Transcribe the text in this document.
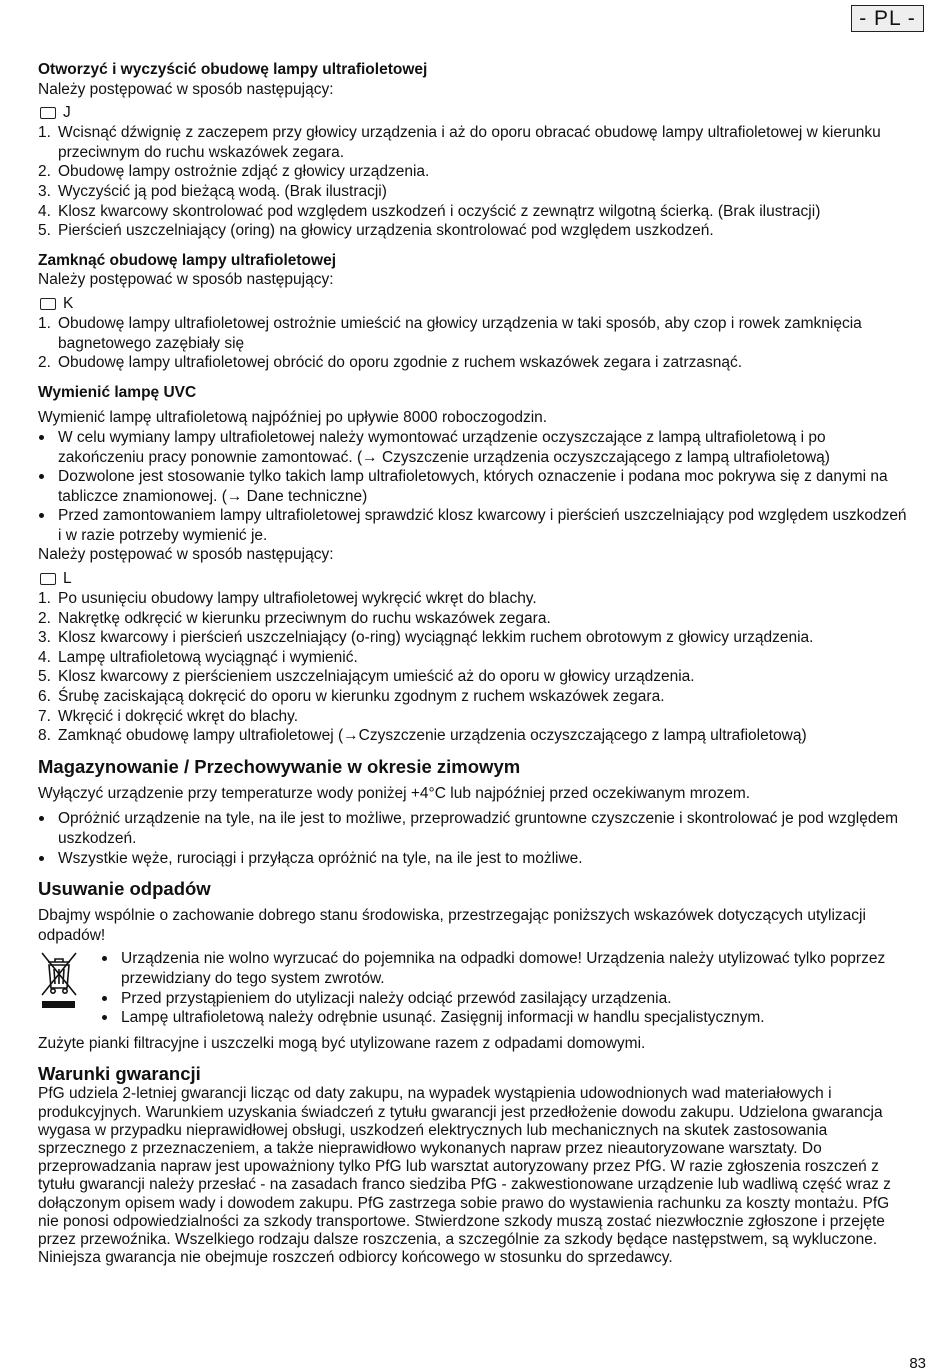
- PL -
Otworzyć i wyczyścić obudowę lampy ultrafioletowej

Należy postępować w sposób następujący:

J
1. Wcisnąć dźwignię z zaczepem przy głowicy urządzenia i aż do oporu obracać obudowę lampy ultrafioletowej w kierunku przeciwnym do ruchu wskazówek zegara.
2. Obudowę lampy ostrożnie zdjąć z głowicy urządzenia.
3. Wyczyścić ją pod bieżącą wodą. (Brak ilustracji)
4. Klosz kwarcowy skontrolować pod względem uszkodzeń i oczyścić z zewnątrz wilgotną ścierką. (Brak ilustracji)
5. Pierścień uszczelniający (oring) na głowicy urządzenia skontrolować pod względem uszkodzeń.
Zamknąć obudowę lampy ultrafioletowej

Należy postępować w sposób następujący:

K
1. Obudowę lampy ultrafioletowej ostrożnie umieścić na głowicy urządzenia w taki sposób, aby czop i rowek zamknięcia bagnetowego zazębiały się
2. Obudowę lampy ultrafioletowej obrócić do oporu zgodnie z ruchem wskazówek zegara i zatrzasnąć.
Wymienić lampę UVC

Wymienić lampę ultrafioletową najpóźniej po upływie 8000 roboczogodzin.

W celu wymiany lampy ultrafioletowej należy wymontować urządzenie oczyszczające z lampą ultrafioletową i po zakończeniu pracy ponownie zamontować. (→ Czyszczenie urządzenia oczyszczającego z lampą ultrafioletową)
Dozwolone jest stosowanie tylko takich lamp ultrafioletowych, których oznaczenie i podana moc pokrywa się z danymi na tabliczce znamionowej. (→ Dane techniczne)
Przed zamontowaniem lampy ultrafioletowej sprawdzić klosz kwarcowy i pierścień uszczelniający pod względem uszkodzeń i w razie potrzeby wymienić je.

Należy postępować w sposób następujący:

L
1. Po usunięciu obudowy lampy ultrafioletowej wykręcić wkręt do blachy.
2. Nakrętkę odkręcić w kierunku przeciwnym do ruchu wskazówek zegara.
3. Klosz kwarcowy i pierścień uszczelniający (o-ring) wyciągnąć lekkim ruchem obrotowym z głowicy urządzenia.
4. Lampę ultrafioletową wyciągnąć i wymienić.
5. Klosz kwarcowy z pierścieniem uszczelniającym umieścić aż do oporu w głowicy urządzenia.
6. Śrubę zaciskającą dokręcić do oporu w kierunku zgodnym z ruchem wskazówek zegara.
7. Wkręcić i dokręcić wkręt do blachy.
8. Zamknąć obudowę lampy ultrafioletowej (→Czyszczenie urządzenia oczyszczającego z lampą ultrafioletową)
Magazynowanie / Przechowywanie w okresie zimowym

Wyłączyć urządzenie przy temperaturze wody poniżej +4°C lub najpóźniej przed oczekiwanym mrozem.

Opróżnić urządzenie na tyle, na ile jest to możliwe, przeprowadzić gruntowne czyszczenie i skontrolować je pod względem uszkodzeń.
Wszystkie węże, rurociągi i przyłącza opróżnić na tyle, na ile jest to możliwe.
Usuwanie odpadów

Dbajmy wspólnie o zachowanie dobrego stanu środowiska, przestrzegając poniższych wskazówek dotyczących utylizacji odpadów!

Urządzenia nie wolno wyrzucać do pojemnika na odpadki domowe! Urządzenia należy utylizować tylko poprzez przewidziany do tego system zwrotów.
Przed przystąpieniem do utylizacji należy odciąć przewód zasilający urządzenia.
Lampę ultrafioletową należy odrębnie usunąć. Zasięgnij informacji w handlu specjalistycznym.

Zużyte pianki filtracyjne i uszczelki mogą być utylizowane razem z odpadami domowymi.

Warunki gwarancji

PfG udziela 2-letniej gwarancji licząc od daty zakupu, na wypadek wystąpienia udowodnionych wad materiałowych i produkcyjnych. Warunkiem uzyskania świadczeń z tytułu gwarancji jest przedłożenie dowodu zakupu. Udzielona gwarancja wygasa w przypadku nieprawidłowej obsługi, uszkodzeń elektrycznych lub mechanicznych na skutek zastosowania sprzecznego z przeznaczeniem, a także nieprawidłowo wykonanych napraw przez nieautoryzowane warsztaty. Do przeprowadzania napraw jest upoważniony tylko PfG lub warsztat autoryzowany przez PfG. W razie zgłoszenia roszczeń z tytułu gwarancji należy przesłać - na zasadach franco siedziba PfG - zakwestionowane urządzenie lub wadliwą część wraz z dołączonym opisem wady i dowodem zakupu. PfG zastrzega sobie prawo do wystawienia rachunku za koszty montażu. PfG nie ponosi odpowiedzialności za szkody transportowe. Stwierdzone szkody muszą zostać niezwłocznie zgłoszone i przejęte przez przewoźnika. Wszelkiego rodzaju dalsze roszczenia, a szczególnie za szkody będące następstwem, są wykluczone. Niniejsza gwarancja nie obejmuje roszczeń odbiorcy końcowego w stosunku do sprzedawcy.

83
